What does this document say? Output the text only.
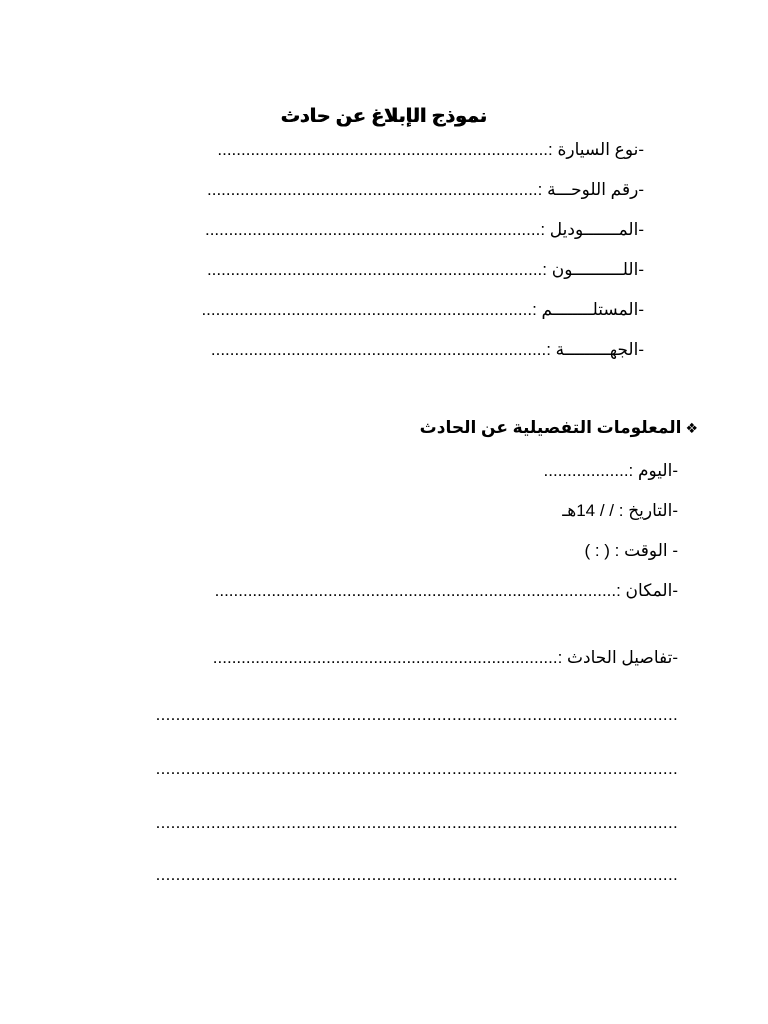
نموذج الإبلاغ عن حادث
-نوع السيارة :......................................................................
-رقم اللوحـــة :......................................................................
-المـــــــوديل :.......................................................................
-اللــــــــــون :.......................................................................
-المستلــــــــم :......................................................................
-الجهـــــــــة :.......................................................................
❖المعلومات التفصيلية عن الحادث
-اليوم :..................
-التاريخ : / / 14هـ
- الوقت : ( : )
-المكان :.....................................................................................
-تفاصيل الحادث :.........................................................................
........................................................................................................
........................................................................................................
........................................................................................................
........................................................................................................
